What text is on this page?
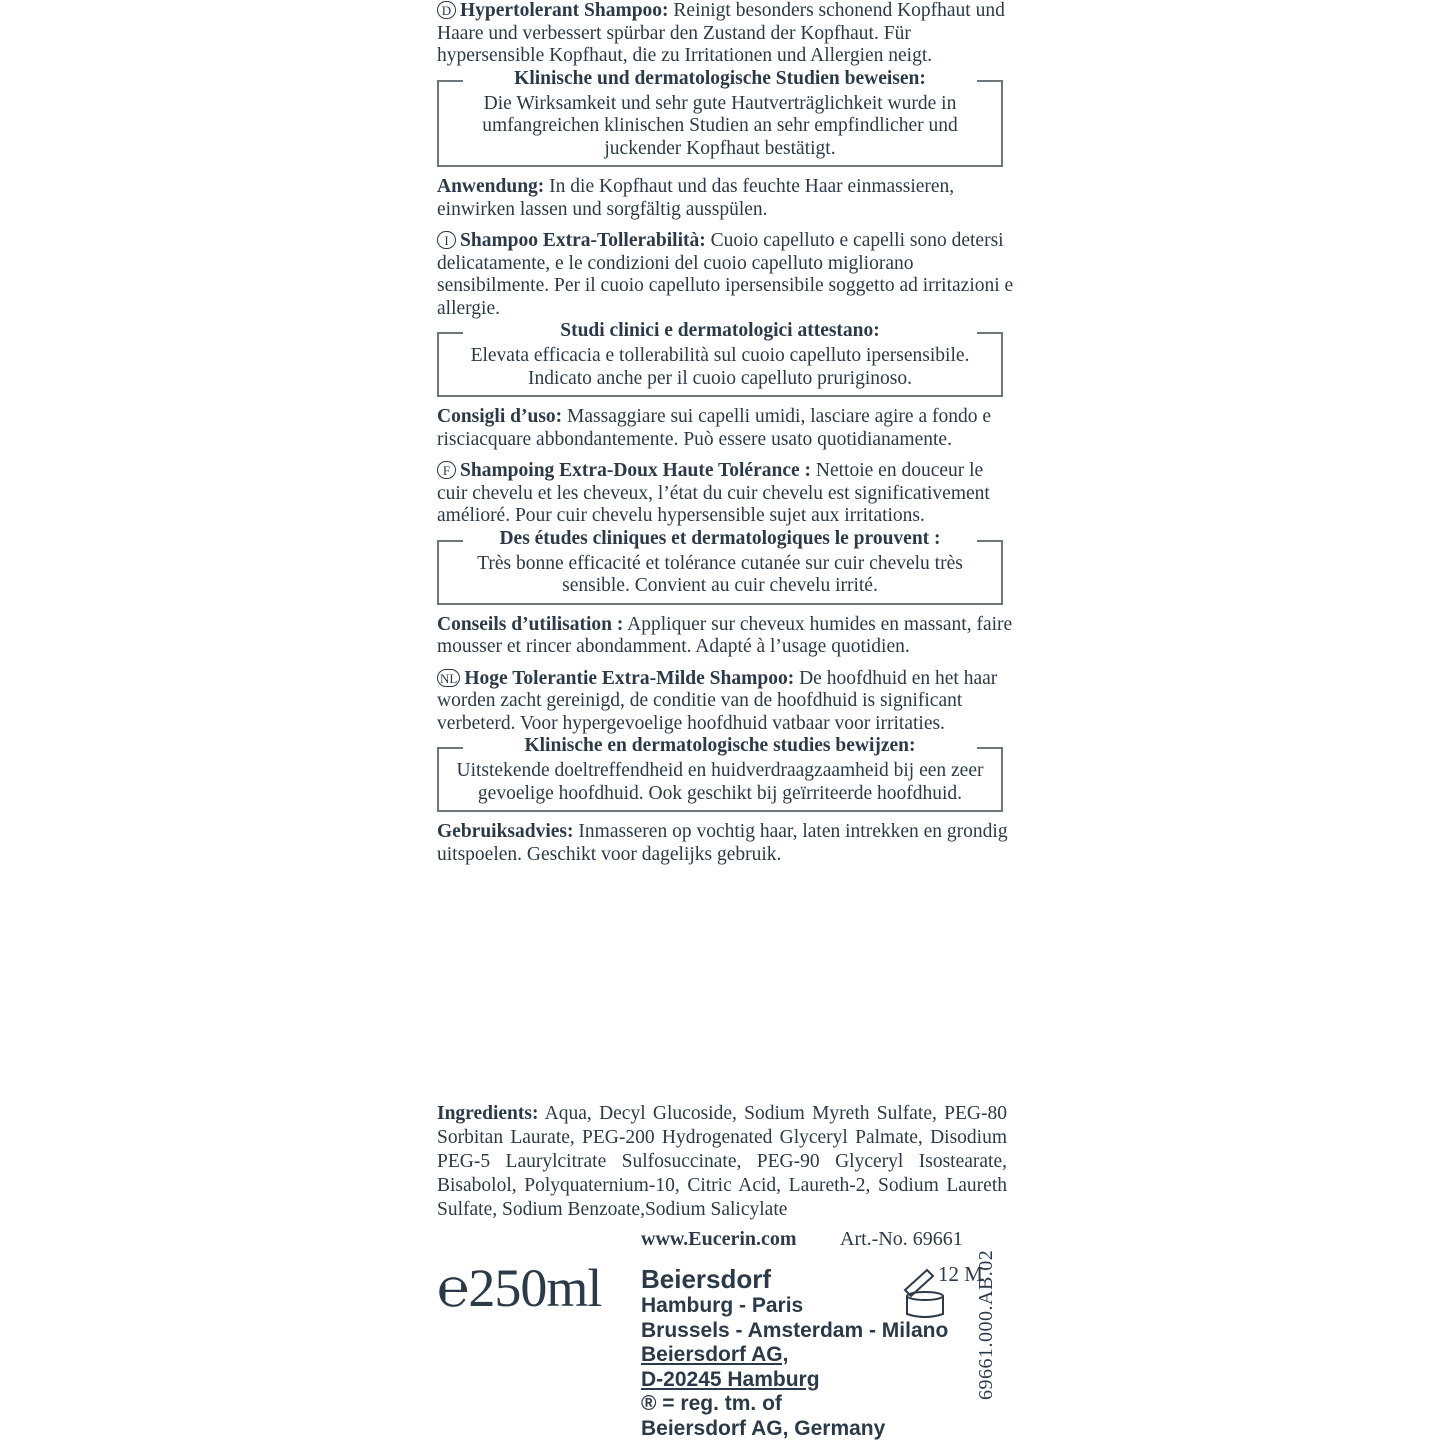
D Hypertolerant Shampoo: Reinigt besonders schonend Kopfhaut und Haare und verbessert spürbar den Zustand der Kopfhaut. Für hypersensible Kopfhaut, die zu Irritationen und Allergien neigt.

Klinische und dermatologische Studien beweisen:
Die Wirksamkeit und sehr gute Hautverträglichkeit wurde in umfangreichen klinischen Studien an sehr empfindlicher und juckender Kopfhaut bestätigt.

Anwendung: In die Kopfhaut und das feuchte Haar einmassieren, einwirken lassen und sorgfältig ausspülen.

I Shampoo Extra-Tollerabilità: Cuoio capelluto e capelli sono detersi delicatamente, e le condizioni del cuoio capelluto migliorano sensibilmente. Per il cuoio capelluto ipersensibile soggetto ad irritazioni e allergie.

Studi clinici e dermatologici attestano:
Elevata efficacia e tollerabilità sul cuoio capelluto ipersensibile. Indicato anche per il cuoio capelluto pruriginoso.

Consigli d’uso: Massaggiare sui capelli umidi, lasciare agire a fondo e risciacquare abbondantemente. Può essere usato quotidianamente.

F Shampoing Extra-Doux Haute Tolérance : Nettoie en douceur le cuir chevelu et les cheveux, l’état du cuir chevelu est significativement amélioré. Pour cuir chevelu hypersensible sujet aux irritations.

Des études cliniques et dermatologiques le prouvent :
Très bonne efficacité et tolérance cutanée sur cuir chevelu très sensible. Convient au cuir chevelu irrité.

Conseils d’utilisation : Appliquer sur cheveux humides en massant, faire mousser et rincer abondamment. Adapté à l’usage quotidien.

NL Hoge Tolerantie Extra-Milde Shampoo: De hoofdhuid en het haar worden zacht gereinigd, de conditie van de hoofdhuid is significant verbeterd. Voor hypergevoelige hoofdhuid vatbaar voor irritaties.

Klinische en dermatologische studies bewijzen:
Uitstekende doeltreffendheid en huidverdraagzaamheid bij een zeer gevoelige hoofdhuid. Ook geschikt bij geïrriteerde hoofdhuid.

Gebruiksadvies: Inmasseren op vochtig haar, laten intrekken en grondig uitspoelen. Geschikt voor dagelijks gebruik.

Ingredients: Aqua, Decyl Glucoside, Sodium Myreth Sulfate, PEG-80 Sorbitan Laurate, PEG-200 Hydrogenated Glyceryl Palmate, Disodium PEG-5 Laurylcitrate Sulfosuccinate, PEG-90 Glyceryl Isostearate, Bisabolol, Polyquaternium-10, Citric Acid, Laureth-2, Sodium Laureth Sulfate, Sodium Benzoate,Sodium Salicylate

www.Eucerin.com Art.-No. 69661
℮250ml Beiersdorf
Hamburg - Paris
Brussels - Amsterdam - Milano
Beiersdorf AG,
D-20245 Hamburg
® = reg. tm. of
Beiersdorf AG, Germany
12 M
69661.000.AB.02
